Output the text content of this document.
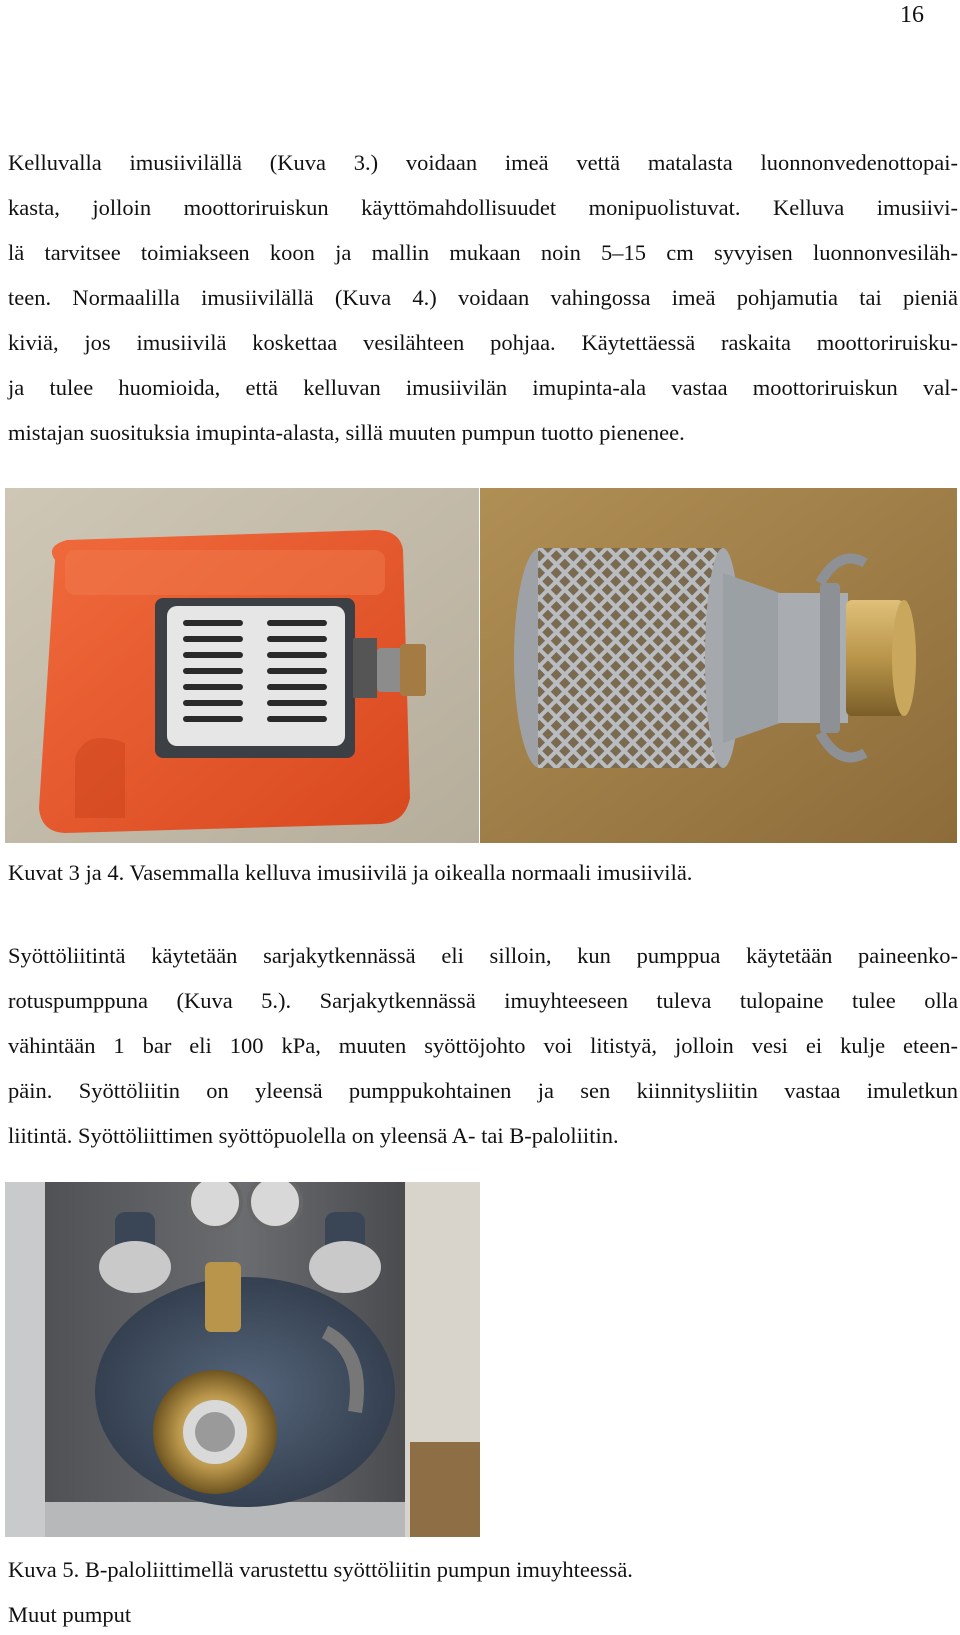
16
Kelluvalla imusiivilällä (Kuva 3.) voidaan imeä vettä matalasta luonnonvedenottopai-
kasta, jolloin moottoriruiskun käyttömahdollisuudet monipuolistuvat. Kelluva imusiivi-
lä tarvitsee toimiakseen koon ja mallin mukaan noin 5–15 cm syvyisen luonnonvesiläh-
teen. Normaalilla imusiivilällä (Kuva 4.) voidaan vahingossa imeä pohjamutia tai pieniä
kiviä, jos imusiivilä koskettaa vesilähteen pohjaa. Käytettäessä raskaita moottoriruisku-
ja tulee huomioida, että kelluvan imusiivilän imupinta-ala vastaa moottoriruiskun val-
mistajan suosituksia imupinta-alasta, sillä muuten pumpun tuotto pienenee.
Kuvat 3 ja 4. Vasemmalla kelluva imusiivilä ja oikealla normaali imusiivilä.
Syöttöliitintä käytetään sarjakytkennässä eli silloin, kun pumppua käytetään paineenko-
rotuspumppuna (Kuva 5.). Sarjakytkennässä imuyhteeseen tuleva tulopaine tulee olla
vähintään 1 bar eli 100 kPa, muuten syöttöjohto voi litistyä, jolloin vesi ei kulje eteen-
päin. Syöttöliitin on yleensä pumppukohtainen ja sen kiinnitysliitin vastaa imuletkun
liitintä. Syöttöliittimen syöttöpuolella on yleensä A- tai B-paloliitin.
Kuva 5. B-paloliittimellä varustettu syöttöliitin pumpun imuyhteessä.
Muut pumput
